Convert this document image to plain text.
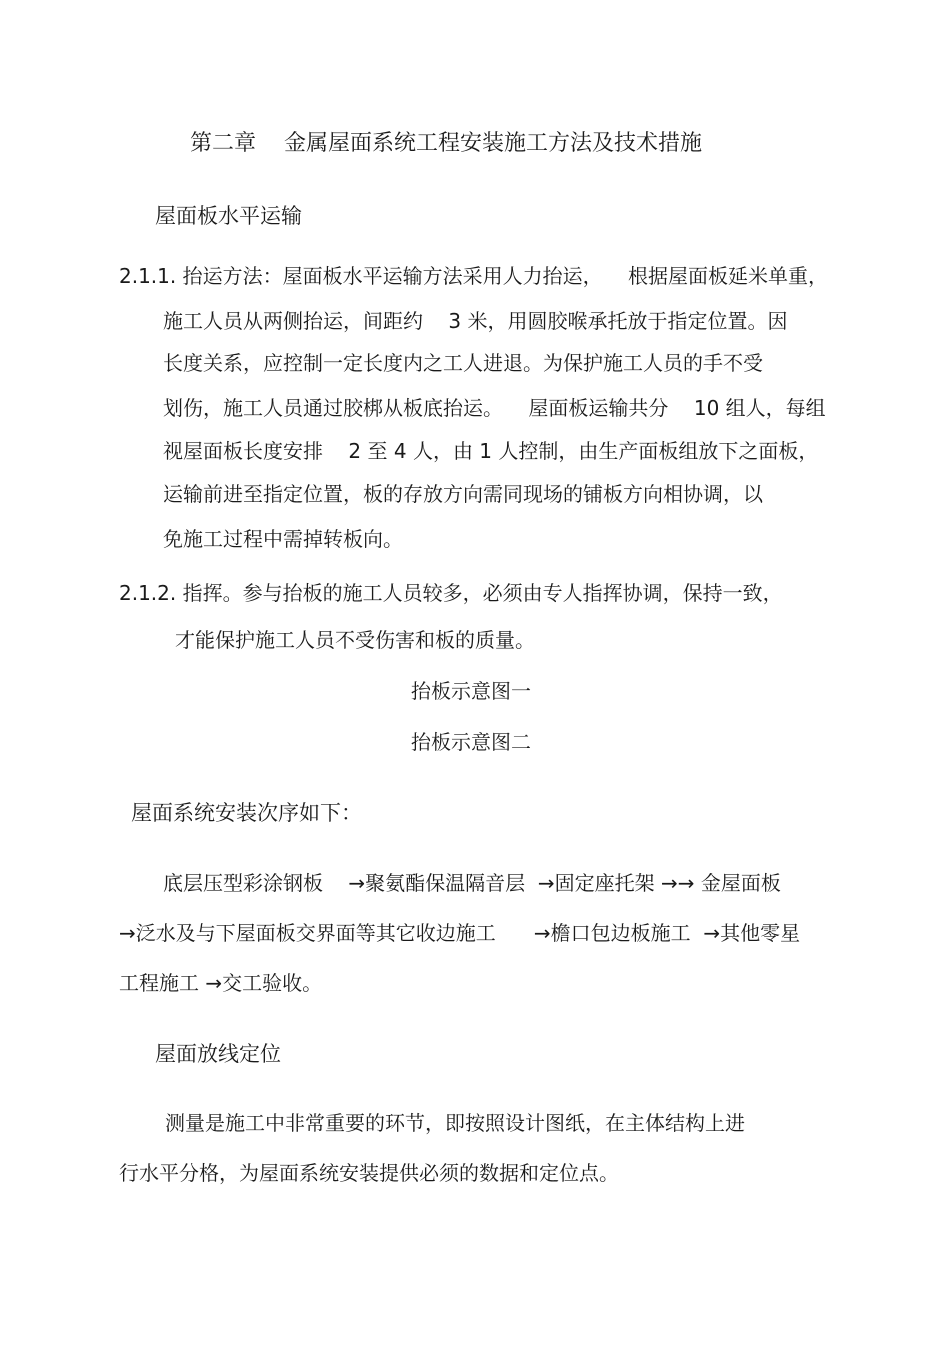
第二章    金属屋面系统工程安装施工方法及技术措施
屋面板水平运输
2.1.1. 抬运方法：屋面板水平运输方法采用人力抬运，    根据屋面板延米单重，
施工人员从两侧抬运，间距约    3 米，用圆胶喉承托放于指定位置。因
长度关系，应控制一定长度内之工人进退。为保护施工人员的手不受
划伤，施工人员通过胶梆从板底抬运。    屋面板运输共分    10 组人，每组
视屋面板长度安排    2 至 4 人，由 1 人控制，由生产面板组放下之面板，
运输前进至指定位置，板的存放方向需同现场的铺板方向相协调，以
免施工过程中需掉转板向。
2.1.2. 指挥。参与抬板的施工人员较多，必须由专人指挥协调，保持一致，
才能保护施工人员不受伤害和板的质量。
抬板示意图一
抬板示意图二
屋面系统安装次序如下：
底层压型彩涂钢板    →聚氨酯保温隔音层  →固定座托架 →→ 金屋面板
→泛水及与下屋面板交界面等其它收边施工      →檐口包边板施工  →其他零星
工程施工 →交工验收。
屋面放线定位
测量是施工中非常重要的环节，即按照设计图纸，在主体结构上进
行水平分格，为屋面系统安装提供必须的数据和定位点。
